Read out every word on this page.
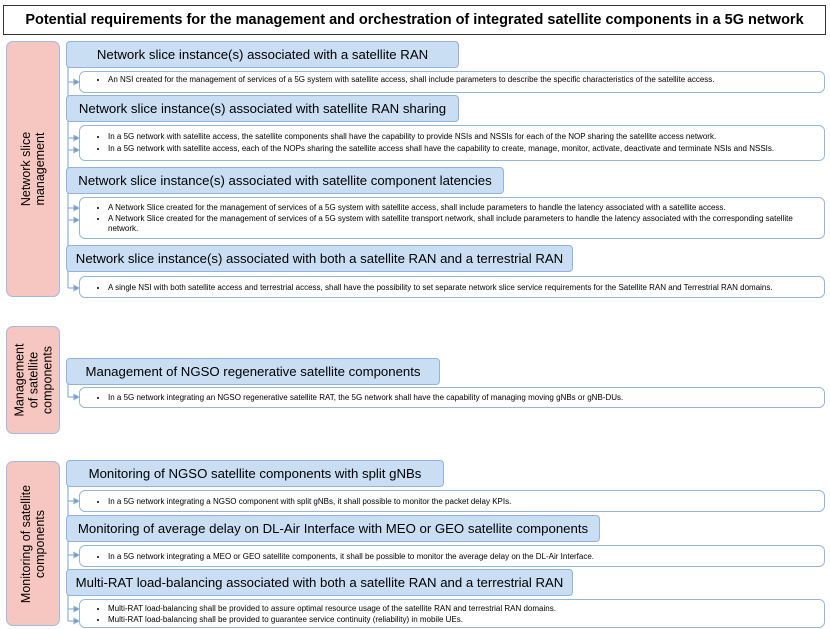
Potential requirements for the management and orchestration of integrated satellite components in a 5G network
Network slice
management
Management
of satellite
components
Monitoring of satellite
components
Network slice instance(s) associated with a satellite RAN
• An NSI created for the management of services of a 5G system with satellite access, shall include parameters to describe the specific characteristics of the satellite access.
Network slice instance(s) associated with satellite RAN sharing
• In a 5G network with satellite access, the satellite components shall have the capability to provide NSIs and NSSIs for each of the NOP sharing the satellite access network.
• In a 5G network with satellite access, each of the NOPs sharing the satellite access shall have the capability to create, manage, monitor, activate, deactivate and terminate NSIs and NSSIs.
Network slice instance(s) associated with satellite component latencies
• A Network Slice created for the management of services of a 5G system with satellite access, shall include parameters to handle the latency associated with a satellite access.
• A Network Slice created for the management of services of a 5G system with satellite transport network, shall include parameters to handle the latency associated with the corresponding satellite network.
Network slice instance(s) associated with both a satellite RAN and a terrestrial RAN
• A single NSI with both satellite access and terrestrial access, shall have the possibility to set separate network slice service requirements for the Satellite RAN and Terrestrial RAN domains.
Management of NGSO regenerative satellite components
• In a 5G network integrating an NGSO regenerative satellite RAT, the 5G network shall have the capability of managing moving gNBs or gNB-DUs.
Monitoring of NGSO satellite components with split gNBs
• In a 5G network integrating a NGSO component with split gNBs, it shall possible to monitor the packet delay KPIs.
Monitoring of average delay on DL-Air Interface with MEO or GEO satellite components
• In a 5G network integrating a MEO or GEO satellite components, it shall be possible to monitor the average delay on the DL-Air Interface.
Multi-RAT load-balancing associated with both a satellite RAN and a terrestrial RAN
• Multi-RAT load-balancing shall be provided to assure optimal resource usage of the satellite RAN and terrestrial RAN domains.
• Multi-RAT load-balancing shall be provided to guarantee service continuity (reliability) in mobile UEs.
